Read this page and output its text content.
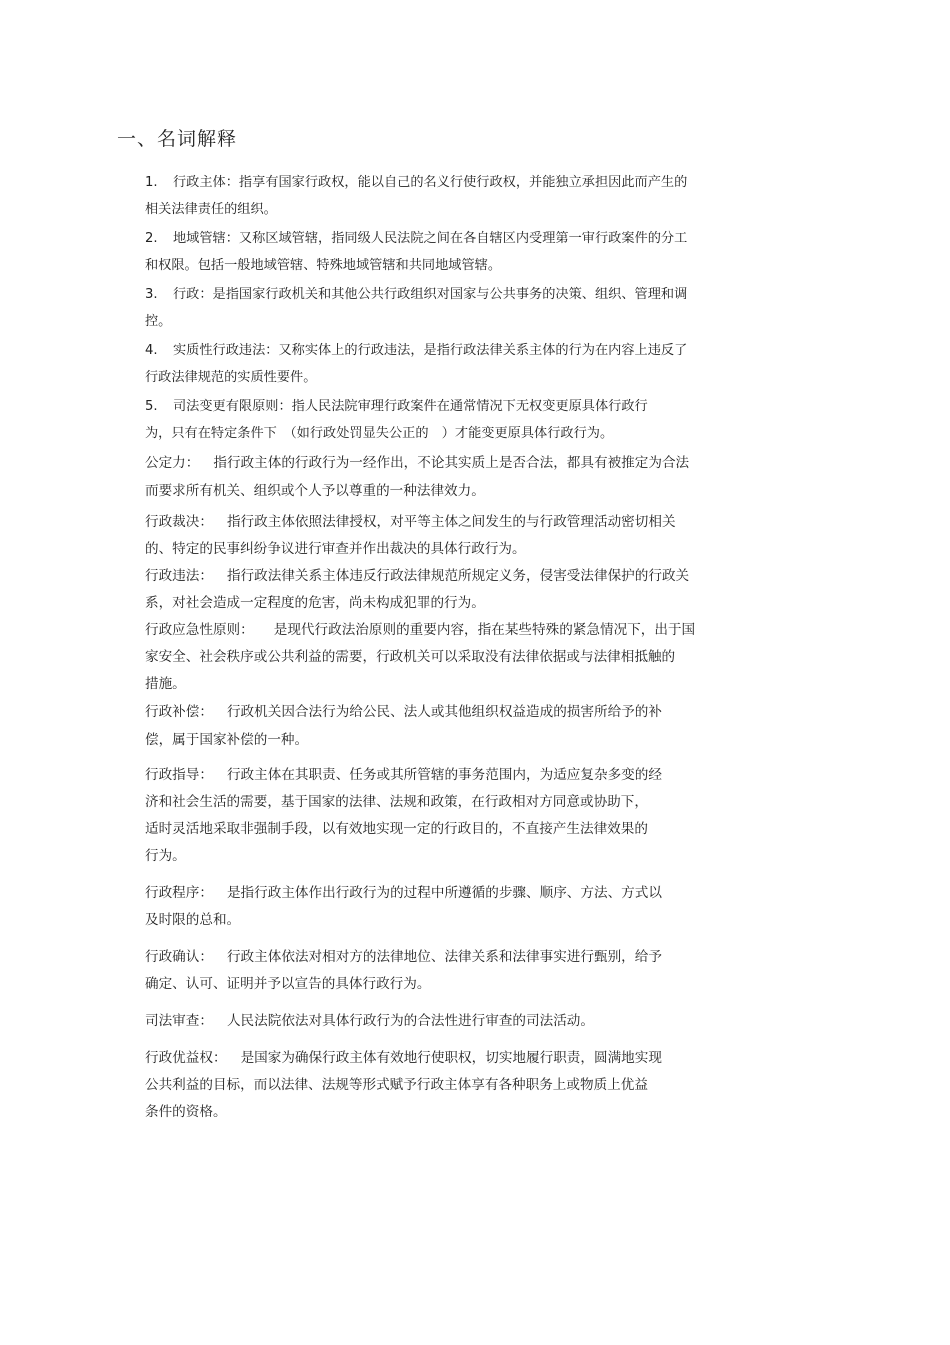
一、名词解释
1. 行政主体：指享有国家行政权，能以自己的名义行使行政权，并能独立承担因此而产生的
相关法律责任的组织。
2. 地域管辖：又称区域管辖，指同级人民法院之间在各自辖区内受理第一审行政案件的分工
和权限。包括一般地域管辖、特殊地域管辖和共同地域管辖。
3. 行政：是指国家行政机关和其他公共行政组织对国家与公共事务的决策、组织、管理和调
控。
4. 实质性行政违法：又称实体上的行政违法，是指行政法律关系主体的行为在内容上违反了
行政法律规范的实质性要件。
5. 司法变更有限原则：指人民法院审理行政案件在通常情况下无权变更原具体行政行
为，只有在特定条件下　（如行政处罚显失公正的　）才能变更原具体行政行为。
公定力： 指行政主体的行政行为一经作出，不论其实质上是否合法，都具有被推定为合法
而要求所有机关、组织或个人予以尊重的一种法律效力。
行政裁决： 指行政主体依照法律授权，对平等主体之间发生的与行政管理活动密切相关
的、特定的民事纠纷争议进行审查并作出裁决的具体行政行为。
行政违法： 指行政法律关系主体违反行政法律规范所规定义务，侵害受法律保护的行政关
系，对社会造成一定程度的危害，尚未构成犯罪的行为。
行政应急性原则： 是现代行政法治原则的重要内容，指在某些特殊的紧急情况下，出于国
家安全、社会秩序或公共利益的需要，行政机关可以采取没有法律依据或与法律相抵触的
措施。
行政补偿： 行政机关因合法行为给公民、法人或其他组织权益造成的损害所给予的补
偿，属于国家补偿的一种。
行政指导： 行政主体在其职责、任务或其所管辖的事务范围内，为适应复杂多变的经
济和社会生活的需要，基于国家的法律、法规和政策，在行政相对方同意或协助下，
适时灵活地采取非强制手段，以有效地实现一定的行政目的，不直接产生法律效果的
行为。
行政程序： 是指行政主体作出行政行为的过程中所遵循的步骤、顺序、方法、方式以
及时限的总和。
行政确认： 行政主体依法对相对方的法律地位、法律关系和法律事实进行甄别，给予
确定、认可、证明并予以宣告的具体行政行为。
司法审查： 人民法院依法对具体行政行为的合法性进行审查的司法活动。
行政优益权： 是国家为确保行政主体有效地行使职权，切实地履行职责，圆满地实现
公共利益的目标，而以法律、法规等形式赋予行政主体享有各种职务上或物质上优益
条件的资格。
